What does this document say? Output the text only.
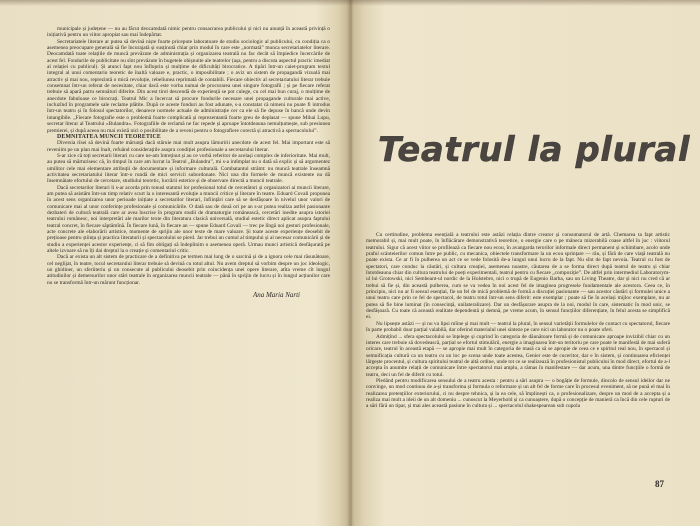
municipale și județene — nu au făcut deocamdată nimic pentru consacrarea publicului și nici nu anunță în această privință o inițiativă pentru un viitor apropiat sau mai îndepărtat.

Secretariatele literare ar putea să devină niște foarte pricepute laboratoare de studiu sociologic al publicului, cu condiția ca o asemenea preocupare generală să fie încurajată și susținută chiar prin modul în care este „normată” munca secretariatelor literare. Deocamdată toate relațiile de muncă prevăzute de administrația și organizarea teatrală nu fac decât să împiedice încercările de acest fel. Fondurile de publicitate nu sînt prevăzute în bugetele obișnuite ale teatrelor (așa, pentru a discuta aspectul practic imediat al relației cu publicul). Și atunci fapt nou înfloprin și mulțime de dificultăți birocratice. A tipări într-un caiet-program textul integral al unui comentariu teoretic de înaltă valoare e, practic, o imposibilitate ; o aviz un sistem de propagandă vizuală mai atractiv și mai nou, reprezintă o mică revoluție, rebeliunea reprimată de contabili. Fiecare obiectiv al secretariatului literar trebuie consemnat într-un referat de necesitate, chiar dacă este vorba numai de procurarea unei singure fotografii ; și pe fiecare referat trebuie să apară patru semnături diferite. Din acest tirel descendă de experiență se pot culege, cu cel mai bun curaj, o mulțime de anecdote fabuloase ce birocrați. Teatrul Mic a încercat să procure fondurile necesare unei propagande culturale mai active, incluzînd în programele sale reclame plătite. După ce aceste fonduri au fost adunate, s-a constatat că nimeni nu poate fi introdus într-un teatru și în folosul spectatorilor, deoarece normele actuale de administrație cer ca ele să fie depuse în bancă unde devin intangibile. „Fiecare fotografie este o problemă foarte complicată și reprezentantă foarte greu de deplasat — spune Mihai Lupu, secretar literar al Teatrului «Bulandra». Fotografiile de reclamă ne fac repede și aproape întotdeauna nemulțumește, sub presiunea premierei, și după aceea nu mai există nici o posibilitate de a reveni pentru o fotografiere corectă și atractivă a spectacolului”.

DEMNITATEA MUNCII TEORETICE

Diversia rîsei să devină foarte mărunță dacă stăruie mai mult asupra lămuririi anecdote de acest fel. Mai important este să reveniim pe un plan mai înalt, refuând considerațiile asupra condiției profesionale a secretarului literar.

S-ar zice că toți secretarii literari cu care ne-am întreținut și au ce vorbă referitor de același complex de inferioritate. Mai mult, au putea să mărturisesc că, în timpul în care am lucrat la Teatrul „Bulandra”, mi s-a intîmplat nu o dată să explic și să argumentez umilitor cele mai elementare atribuții de documentare și informare culturală. Combatantul strâmt: nu muncă teatrale înseamnă activitatea secretariatului literar într-o rundă de mici servicii subordonate. Nici una din formele de muncă existente nu dă însemnătate efortului de cercetare, studiului teoretic, lucrării estetice și de observare directă a muncii teatrale.

Dacă secretarilor literari li s-ar acorda prin tonusl statutul lor profesional tolul de cercetători și organizatori ai muncii literare, am putea să asistăm într-un timp relativ scurt la o interesantă evoluție a muncii critice și literare în teatre. Eduard Covali propunea în acest sens organizarea unor perioade inițiate a secretarilor literari, înființări care să se desfășoare în nivelul unor valori de comunicare mai al unor conferințe profesionale și comunicările. O dată sau de două ori pe an s-ar putea realiza astfel pasionante dezbateri de cultură teatrală care ar avea înscrise în program studii de dramaturgie românească, cercetări inedite asupra istoriei teatrului românesc, noi interpretări ale marilor texte din literatura clasică universală, studiul estetic direct aplicat asupra faptului teatral concret, în fiecare săptămînă. În fiecare lună, în fiecare an — spune Eduard Covali — trec pe lîngă noi gesturi profesionale, acte concrete ale elaborării artistice, momente de sprijin ale unor texte de mare valoare. Și toate aceste experiențe deosebit de prețioase pentru știința și practica literaturii și spectacolului se pierd. Jar trebui un cumul al timpului și al necesar comunicării și de studiu a experienței acestor experiențe, ci să fim obligați să îndeplinim o asemenea operă. Urmau munci artistică desfășurată pe altele izvoare să nu îți dai dreptul la o creație și comentariul critic.

Dacă ar exista un alt sistem de practicare de a definitiva pe termen mai lung de o sarcină și de a ignora cele mai răsunătoare, cel neglijat, în teatre, tocul secretarului literar trebuie să devină cu totul altul. Nu avem dreptul să vorbim despre un joc ideologic, un ghidiner, un sferiiteriu și un consecute al publicului deosebit prin coincidența unei opere literare, atîta vreme cît lungul atitudinilor și demersurilor unor stări teatrale în organizarea muncii teatrale — până în sprijin de lucru și în lungul acțiunilor care nu se transformă într-un mărunt funcționar.

Ana Maria Narti
Teatrul la plural

Cu certitudine, problema esențială a teatrului este astăzi relația dintre creator și consumatorul de artă. Chemarea ta fapt artistic memorabil și, mai mult poate, în înflăcărare demonstrativă teoretice, o energie care o pe mâneca mizerabilă coase altfel în joc : viitorul teatrului. Sigur că acest viitor se profilează ca fiecare nou ecou, în avangarda terorilor informale direct permanent și schimbare, acolo unde praful scânteierilor comun între pe public, cu mecanica, obiectele transformare la un ecou sprințare — rău, și fără de care viață teatrală nu poate exista. Ce ar fi în pulberea un act ce se vede folosită de-a lungul unui lucru de la fapt. Nu sînt de fapt nevoia. Teatrul cu fost de spectatori, care conduc la căutări, și cultura creației, asemenea noastre, căutarea de a se forma direct după teatrul de teatru și chiar întotdeauna chiar din cultura teatrului de poeți experimentali, teatrul pentru cu fiecare „compoziție”. De altfel prin intermediul Laboratorym-ul lui Grotowski, nici Sembeant-ul nordic de la Holstebro, nici o trupă de Eugenio Barba, sau un Living Theatre, dar și nici nu cred că ar trebui să fie și, din această pulberea, cum se va vedea în noi acest fel de imaginea progresele fundamentale ale acestora. Ceea ce, în principiu, nici nu ar fi sensul esențial, fie un fel de mică problemă de formă a discuției pasionante — sau acestor căutări și formulei unice a unui teatru care prin ce fel de spectacol, de teatru totul într-un sens diferit: este exemplar ; poate să fie în același mijloc exemplare, nu ar putea să fie bine luminat (în consecință, unilateralizare). Dar un desfășurare asupra de la noi, modul în care, sistematic în mod unic, se desfășoară. Cu toate că această realitate dependentă și demnă, pe vreme acum, în sensul funcțiilor diferențiate, în felul acesta se simplifică ei.

Nu lipsește astăzi — și nu va lipsi mîine și mai mult — teatrul la plural, în sensul varietății formulelor de contact cu spectatorul, fiecare în parte probabil doar parțial valabilă, dar oferind materialul unei sinteze pe care nici un laborator nu o poate oferi.

Admițînd ... sfera spectacolului se înțelege și cuprind în categoria de dăunătoare formă și de comunicare aproape invizibil chiar cu un interes care trebuie să dovedească, parțial se efortul stimulării, energie a imaginarea într-un teritoriu pe care poate le manifestă de mai suferă oricare, teatrul în această etapă — se apropie mai mult în categoria de masă ca să se apropie de ceea ce e spiritul real nou, în spectacol și semnificația cultură ca un teatru cu un loc pe scena unde toate acestea, Genier este de cuceritor, dar e în sistem, și continuarea eficienței lărgește procentul, și cultura spiritului teatral de altă ordine, unde tot ce se realizează în profesionistul publicului în mod direct, efortul de a-l accepta în anumite relații de comunicare între spectatorul mai amplu, a rămas în manifestare — dar acum, una dintre funcțiile o formă de teatru, deci un fel de diferit cu totul.

Pledând pentru modificarea sensului de a teatru acesta : pentru a sări asupra — o bogăție de formule, dincolo de sensul ideilor dar ne convinge, un mod continuu de a-și transforma și formula o reformare și un alt fel de forme care în procesul eveniment, să ne pună el mai în realizarea pretențiilor exteriorului, ci nu despre tehnica, și la ea cele, să împlinești ca, o profesionalizare, despre un mod de a accepta și a realiza mai mult a ideii de un alt domeniu ... cunoscut la Meyerhold și ca cunoaștere, după o concepție de manieră ca încă din cele rupturi de a sări fără un tipar, și mai ales această pasiune în cultura și ... spectacolul shakespearean sub cupola

87
